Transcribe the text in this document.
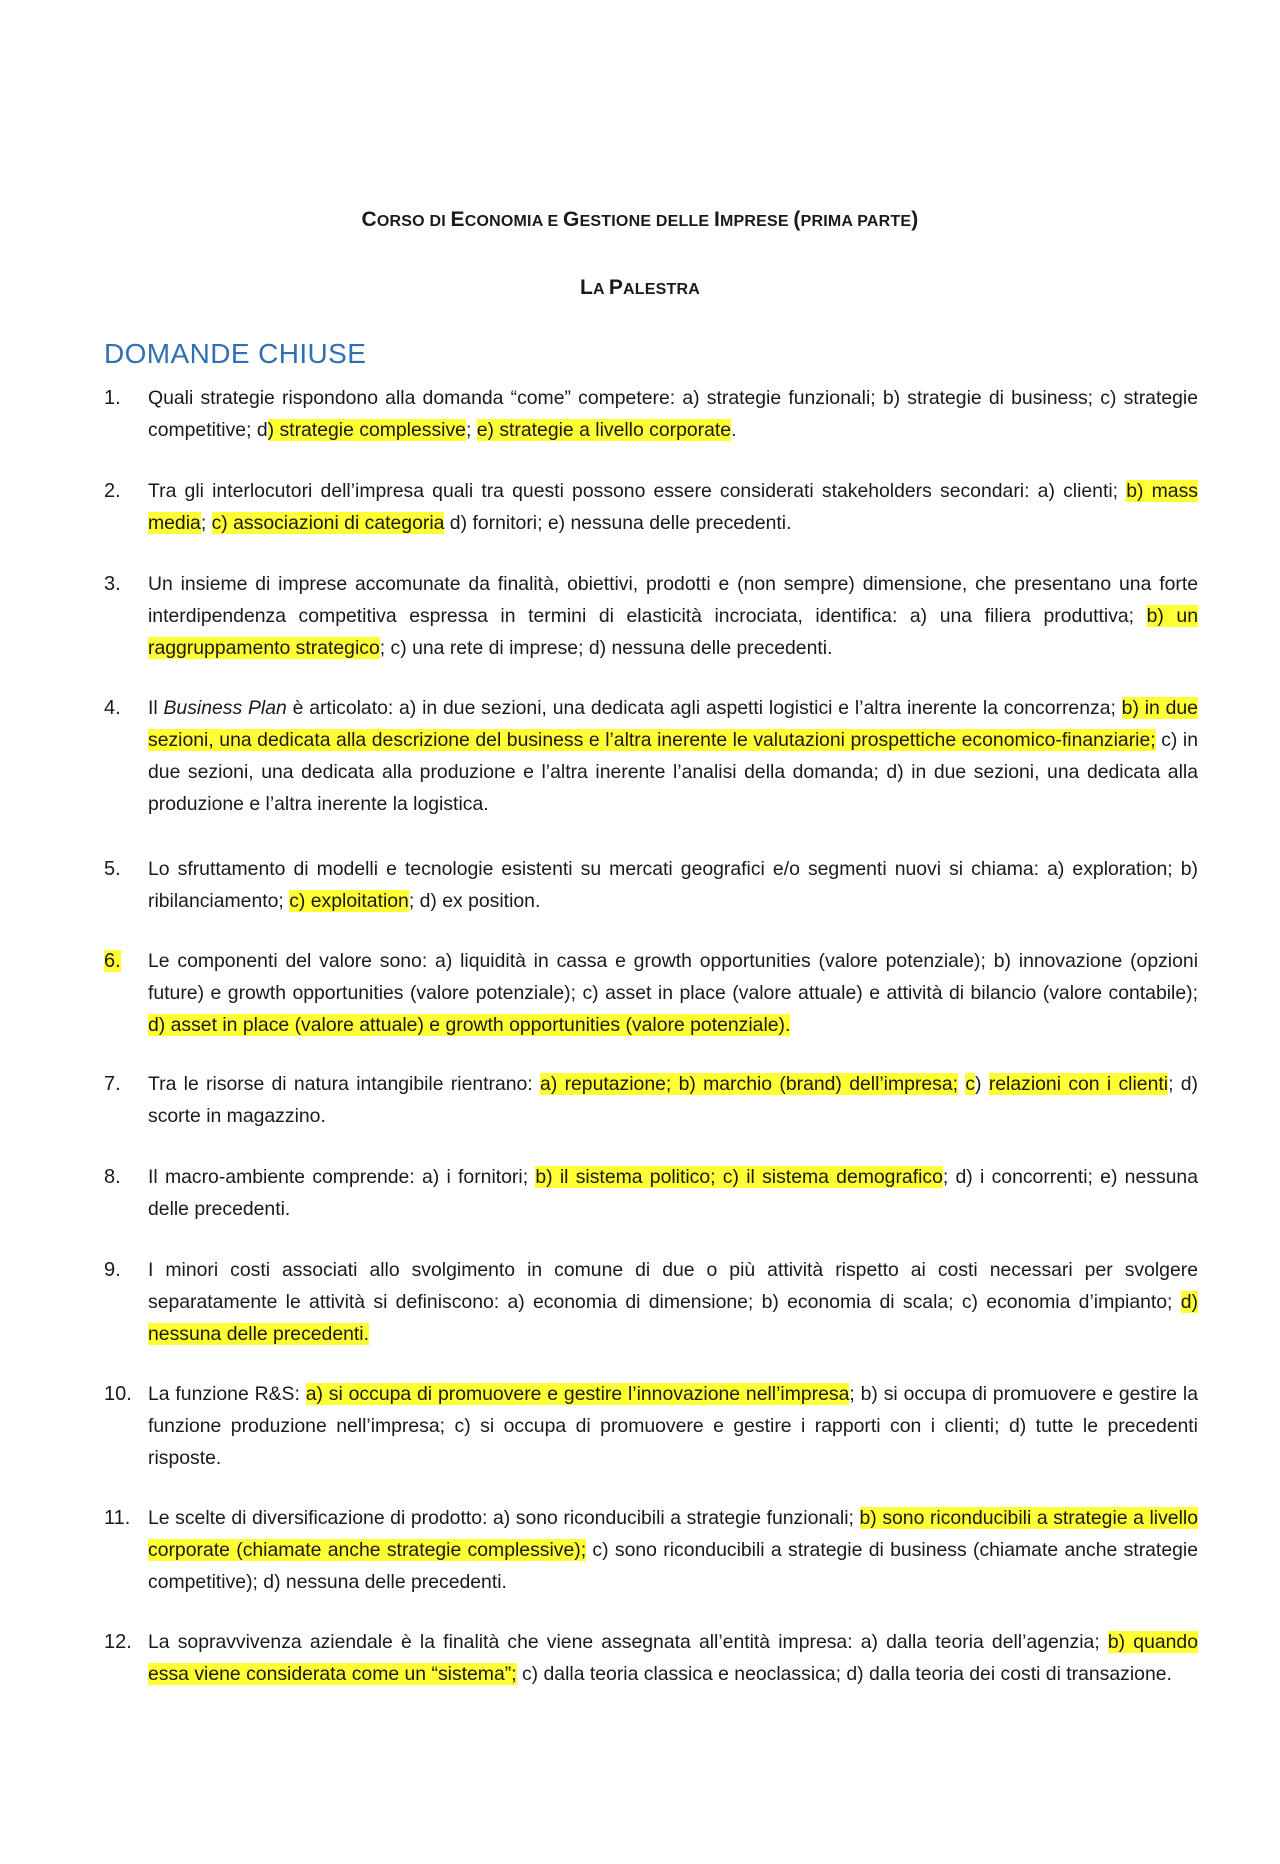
CORSO DI ECONOMIA E GESTIONE DELLE IMPRESE (PRIMA PARTE)
LA PALESTRA
DOMANDE CHIUSE
1.	Quali strategie rispondono alla domanda “come” competere: a) strategie funzionali; b) strategie di business; c) strategie competitive; d) strategie complessive; e) strategie a livello corporate.
2.	Tra gli interlocutori dell’impresa quali tra questi possono essere considerati stakeholders secondari: a) clienti; b) mass media; c) associazioni di categoria d) fornitori; e) nessuna delle precedenti.
3.	Un insieme di imprese accomunate da finalità, obiettivi, prodotti e (non sempre) dimensione, che presentano una forte interdipendenza competitiva espressa in termini di elasticità incrociata, identifica: a) una filiera produttiva; b) un raggruppamento strategico; c) una rete di imprese; d) nessuna delle precedenti.
4.	Il Business Plan è articolato: a) in due sezioni, una dedicata agli aspetti logistici e l’altra inerente la concorrenza; b) in due sezioni, una dedicata alla descrizione del business e l’altra inerente le valutazioni prospettiche economico-finanziarie; c) in due sezioni, una dedicata alla produzione e l’altra inerente l’analisi della domanda; d) in due sezioni, una dedicata alla produzione e l’altra inerente la logistica.
5.	Lo sfruttamento di modelli e tecnologie esistenti su mercati geografici e/o segmenti nuovi si chiama: a) exploration; b) ribilanciamento; c) exploitation; d) ex position.
6.	Le componenti del valore sono: a) liquidità in cassa e growth opportunities (valore potenziale); b) innovazione (opzioni future) e growth opportunities (valore potenziale); c) asset in place (valore attuale) e attività di bilancio (valore contabile); d) asset in place (valore attuale) e growth opportunities (valore potenziale).
7.	Tra le risorse di natura intangibile rientrano: a) reputazione; b) marchio (brand) dell’impresa; c) relazioni con i clienti; d) scorte in magazzino.
8.	Il macro-ambiente comprende: a) i fornitori; b) il sistema politico; c) il sistema demografico; d) i concorrenti; e) nessuna delle precedenti.
9.	I minori costi associati allo svolgimento in comune di due o più attività rispetto ai costi necessari per svolgere separatamente le attività si definiscono: a) economia di dimensione; b) economia di scala; c) economia d’impianto; d) nessuna delle precedenti.
10. La funzione R&S: a) si occupa di promuovere e gestire l’innovazione nell’impresa; b) si occupa di promuovere e gestire la funzione produzione nell’impresa; c) si occupa di promuovere e gestire i rapporti con i clienti; d) tutte le precedenti risposte.
11. Le scelte di diversificazione di prodotto: a) sono riconducibili a strategie funzionali; b) sono riconducibili a strategie a livello corporate (chiamate anche strategie complessive); c) sono riconducibili a strategie di business (chiamate anche strategie competitive); d) nessuna delle precedenti.
12. La sopravvivenza aziendale è la finalità che viene assegnata all’entità impresa: a) dalla teoria dell’agenzia; b) quando essa viene considerata come un “sistema”; c) dalla teoria classica e neoclassica; d) dalla teoria dei costi di transazione.
